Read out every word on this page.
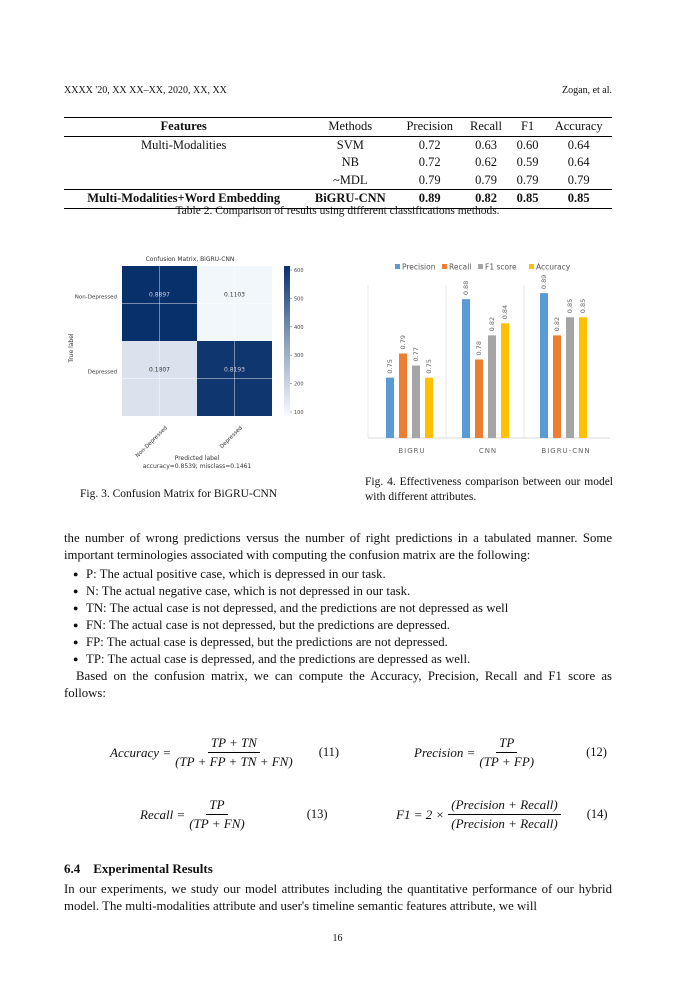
XXXX '20, XX XX–XX, 2020, XX, XX	Zogan, et al.
Features	Methods	Precision	Recall	F1	Accuracy
Multi-Modalities	SVM	0.72	0.63	0.60	0.64
	NB	0.72	0.62	0.59	0.64
	~MDL	0.79	0.79	0.79	0.79
Multi-Modalities+Word Embedding	BiGRU-CNN	0.89	0.82	0.85	0.85
Table 2. Comparison of results using different classifications methods.
Confusion Matrix, BiGRU-CNN
0.8897	0.1103
0.1807	0.8193
Non-Depressed
Depressed
Non-Depressed	Depressed
True label
Predicted label
accuracy=0.8539; misclass=0.1461
600
500
400
300
200
100
Fig. 3. Confusion Matrix for BiGRU-CNN
Precision Recall F1 score	Accuracy
0.75
0.79
0.77
0.75
BIGRU
0.88
0.78
0.82
0.84
CNN
0.89
0.82
0.85 0.85
BIGRU-CNN
Fig. 4. Effectiveness comparison between our model with different attributes.
the number of wrong predictions versus the number of right predictions in a tabulated manner. Some important terminologies associated with computing the confusion matrix are the following:
● P: The actual positive case, which is depressed in our task.
● N: The actual negative case, which is not depressed in our task.
● TN: The actual case is not depressed, and the predictions are not depressed as well
● FN: The actual case is not depressed, but the predictions are depressed.
● FP: The actual case is depressed, but the predictions are not depressed.
● TP: The actual case is depressed, and the predictions are depressed as well.
Based on the confusion matrix, we can compute the Accuracy, Precision, Recall and F1 score as follows:
Accuracy = $\frac{TP + TN}{(TP + FP + TN + FN)} (11)$	Precision = $\frac{TP}{(TP + FP)}$	(12)
Recall = $\frac{TP}{(TP + FN)}$	(13)	$F1 = 2 \times \frac{\text{(Precision + Recall)}}{\text{(Precision + Recall)}} (14)$
6.4    Experimental Results
In our experiments, we study our model attributes including the quantitative performance of our hybrid model. The multi-modalities attribute and user's timeline semantic features attribute, we will
16
